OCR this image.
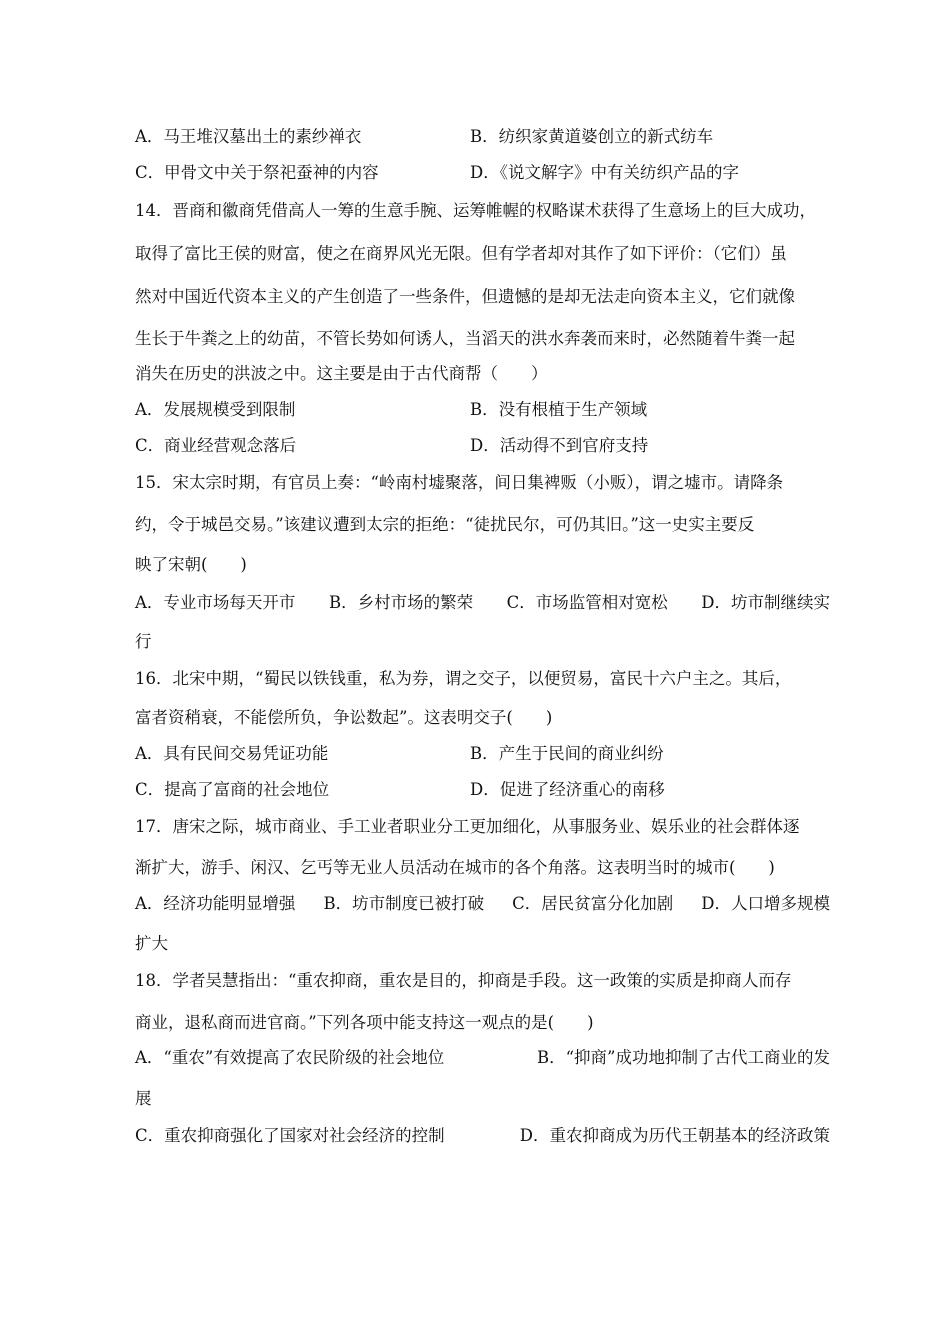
A．马王堆汉墓出土的素纱禅衣	B．纺织家黄道婆创立的新式纺车
C．甲骨文中关于祭祀蚕神的内容	D．《说文解字》中有关纺织产品的字
14．晋商和徽商凭借高人一筹的生意手腕、运筹帷幄的权略谋术获得了生意场上的巨大成功，
取得了富比王侯的财富，使之在商界风光无限。但有学者却对其作了如下评价：（它们）虽
然对中国近代资本主义的产生创造了一些条件，但遗憾的是却无法走向资本主义，它们就像
生长于牛粪之上的幼苗，不管长势如何诱人，当滔天的洪水奔袭而来时，必然随着牛粪一起
消失在历史的洪波之中。这主要是由于古代商帮（　　）
A．发展规模受到限制	B．没有根植于生产领域
C．商业经营观念落后	D．活动得不到官府支持
15．宋太宗时期，有官员上奏：“岭南村墟聚落，间日集裨贩（小贩），谓之墟市。请降条
约，令于城邑交易。”该建议遭到太宗的拒绝：“徒扰民尔，可仍其旧。”这一史实主要反
映了宋朝(　　)
A．专业市场每天开市 B．乡村市场的繁荣 C．市场监管相对宽松 D．坊市制继续实
行
16．北宋中期，“蜀民以铁钱重，私为券，谓之交子，以便贸易，富民十六户主之。其后，
富者资稍衰，不能偿所负，争讼数起”。这表明交子(　　)
A．具有民间交易凭证功能	B．产生于民间的商业纠纷
C．提高了富商的社会地位	D．促进了经济重心的南移
17．唐宋之际，城市商业、手工业者职业分工更加细化，从事服务业、娱乐业的社会群体逐
渐扩大，游手、闲汉、乞丐等无业人员活动在城市的各个角落。这表明当时的城市(　　)
A．经济功能明显增强 B．坊市制度已被打破 C．居民贫富分化加剧 D．人口增多规模
扩大
18．学者吴慧指出：“重农抑商，重农是目的，抑商是手段。这一政策的实质是抑商人而存
商业，退私商而进官商。”下列各项中能支持这一观点的是(　　)
A．“重农”有效提高了农民阶级的社会地位	B．“抑商”成功地抑制了古代工商业的发
展
C．重农抑商强化了国家对社会经济的控制	D．重农抑商成为历代王朝基本的经济政策
